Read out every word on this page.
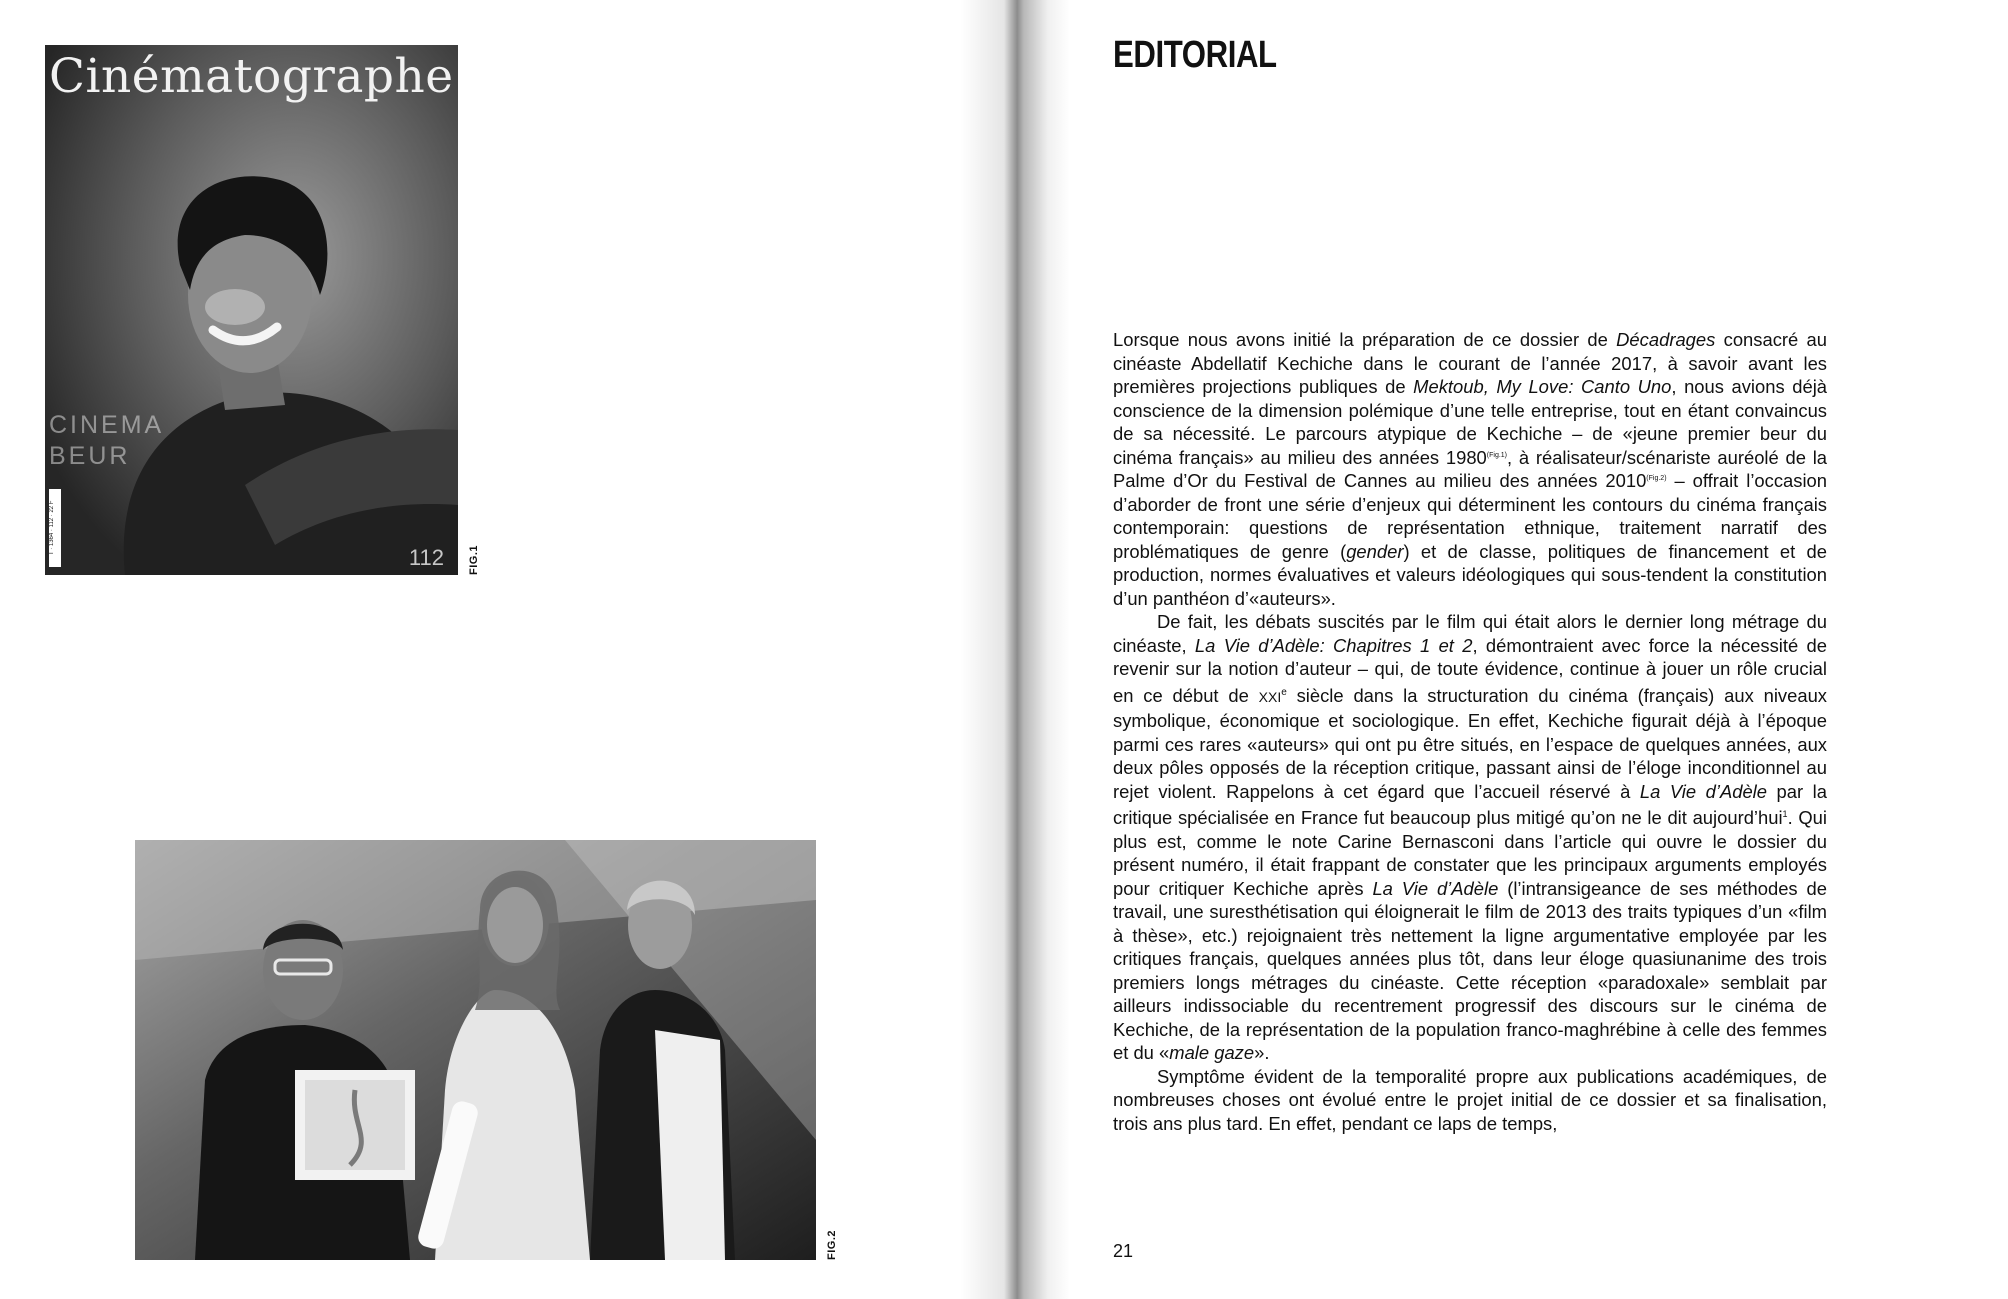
Cinématographe
CINEMA
BEUR
T · 1364 · 112 · 22 F
112 FIG.1
FIG.2
EDITORIAL

Lorsque nous avons initié la préparation de ce dossier de Décadrages consacré au cinéaste Abdellatif Kechiche dans le courant de l’année 2017, à savoir avant les premières projections publiques de Mektoub, My Love: Canto Uno, nous avions déjà conscience de la dimension polémique d’une telle entreprise, tout en étant convaincus de sa nécessité. Le parcours atypique de Kechiche – de «jeune premier beur du cinéma français» au milieu des années $1980^{(Fig.1)}$, à réalisateur/scénariste auréolé de la Palme d’Or du Festival de Cannes au milieu des années $2010^{(Fig.2)}$ – offrait l’occasion d’aborder de front une série d’enjeux qui déterminent les contours du cinéma français contemporain: questions de représentation ethnique, traitement narratif des problématiques de genre (gender) et de classe, politiques de financement et de production, normes évaluatives et valeurs idéologiques qui sous-tendent la constitution d’un panthéon d’«auteurs».

De fait, les débats suscités par le film qui était alors le dernier long métrage du cinéaste, La Vie d’Adèle: Chapitres 1 et 2, démontraient avec force la nécessité de revenir sur la notion d’auteur – qui, de toute évidence, continue à jouer un rôle crucial en ce début de XXIe siècle dans la structuration du cinéma (français) aux niveaux symbolique, économique et sociologique. En effet, Kechiche figurait déjà à l’époque parmi ces rares «auteurs» qui ont pu être situés, en l’espace de quelques années, aux deux pôles opposés de la réception critique, passant ainsi de l’éloge inconditionnel au rejet violent. Rappelons à cet égard que l’accueil réservé à La Vie d’Adèle par la critique spécialisée en France fut beaucoup plus mitigé qu’on ne le dit aujourd’hui$^1$. Qui plus est, comme le note Carine Bernasconi dans l’article qui ouvre le dossier du présent numéro, il était frappant de constater que les principaux arguments employés pour critiquer Kechiche après La Vie d’Adèle (l’intransigeance de ses méthodes de travail, une suresthétisation qui éloignerait le film de 2013 des traits typiques d’un «film à thèse», etc.) rejoignaient très nettement la ligne argumentative employée par les critiques français, quelques années plus tôt, dans leur éloge quasiunanime des trois premiers longs métrages du cinéaste. Cette réception «paradoxale» semblait par ailleurs indissociable du recentrement progressif des discours sur le cinéma de Kechiche, de la représentation de la population franco-maghrébine à celle des femmes et du «male gaze».

Symptôme évident de la temporalité propre aux publications académiques, de nombreuses choses ont évolué entre le projet initial de ce dossier et sa finalisation, trois ans plus tard. En effet, pendant ce laps de temps,

21
